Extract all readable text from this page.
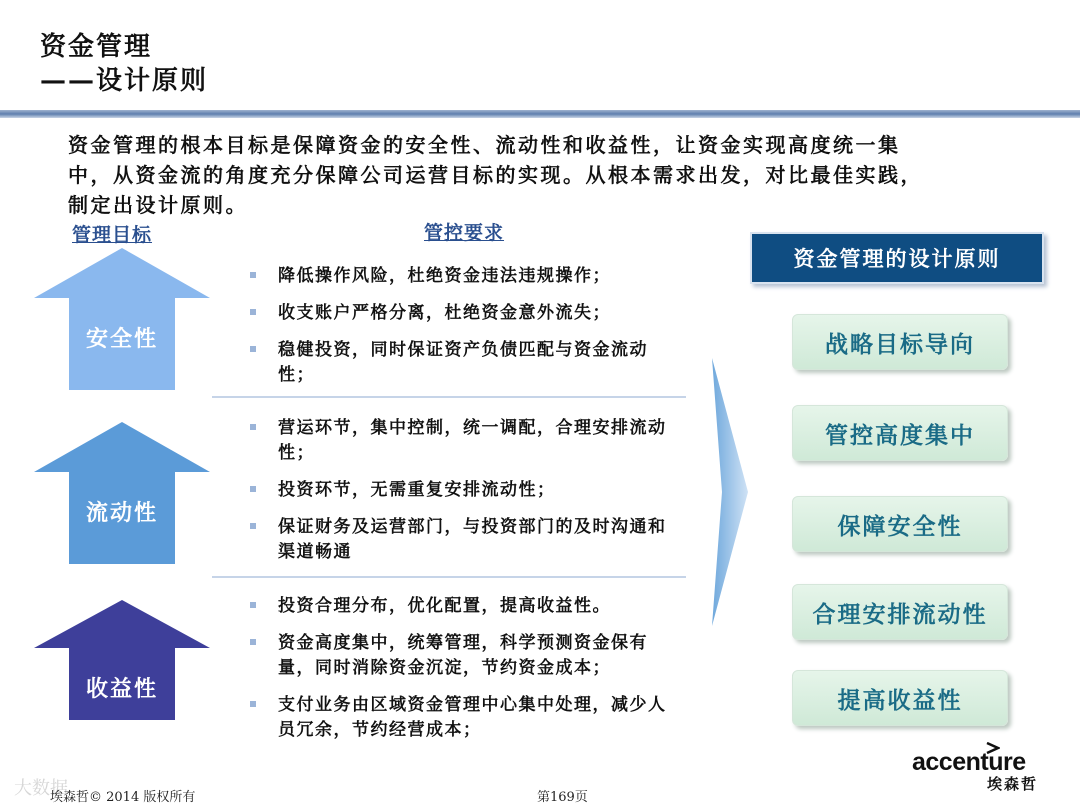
资金管理
——设计原则
资金管理的根本目标是保障资金的安全性、流动性和收益性，让资金实现高度统一集中，从资金流的角度充分保障公司运营目标的实现。从根本需求出发，对比最佳实践，制定出设计原则。
管理目标	管控要求
安全性
流动性
收益性
降低操作风险，杜绝资金违法违规操作；
收支账户严格分离，杜绝资金意外流失；
稳健投资，同时保证资产负债匹配与资金流动性；
营运环节，集中控制，统一调配，合理安排流动性；
投资环节，无需重复安排流动性；
保证财务及运营部门，与投资部门的及时沟通和渠道畅通
投资合理分布，优化配置，提高收益性。
资金高度集中，统筹管理，科学预测资金保有量，同时消除资金沉淀，节约资金成本；
支付业务由区域资金管理中心集中处理，减少人员冗余，节约经营成本；
资金管理的设计原则
战略目标导向
管控高度集中
保障安全性
合理安排流动性
提高收益性
大数据
埃森哲© 2014 版权所有	第169页
accenture
埃森哲
